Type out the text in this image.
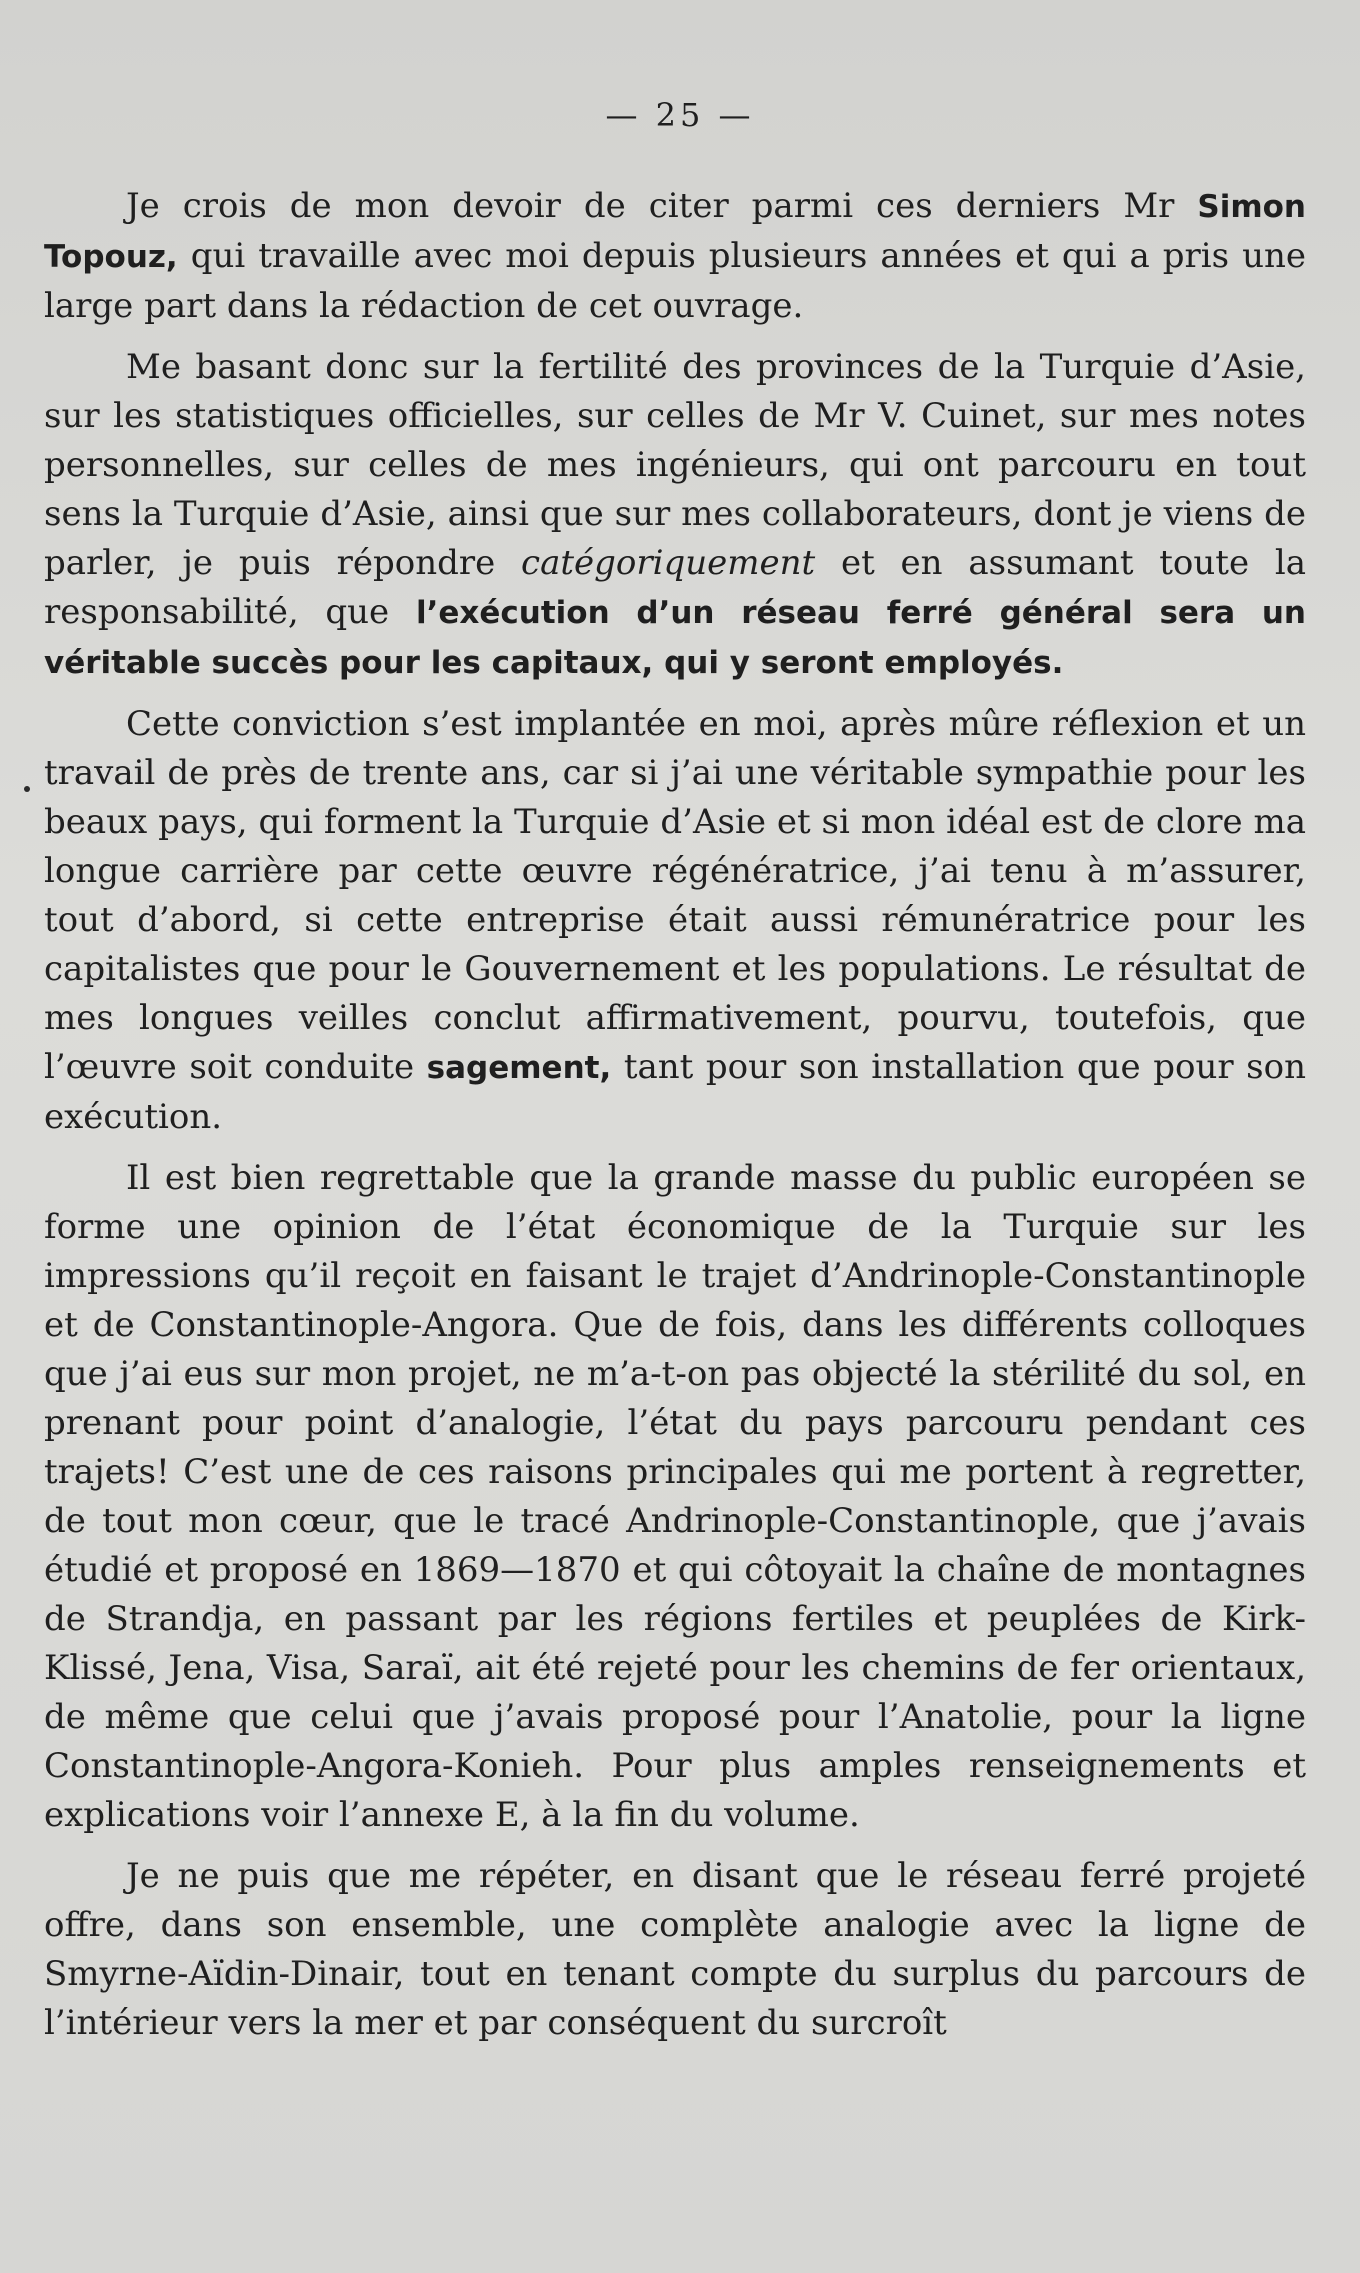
— 25 —

Je crois de mon devoir de citer parmi ces derniers Mr Simon Topouz, qui travaille avec moi depuis plusieurs années et qui a pris une large part dans la rédaction de cet ouvrage.

Me basant donc sur la fertilité des provinces de la Turquie d’Asie, sur les statistiques officielles, sur celles de Mr V. Cuinet, sur mes notes personnelles, sur celles de mes ingénieurs, qui ont parcouru en tout sens la Turquie d’Asie, ainsi que sur mes collaborateurs, dont je viens de parler, je puis répondre catégoriquement et en assumant toute la responsabilité, que l’exécution d’un réseau ferré général sera un véritable succès pour les capitaux, qui y seront employés.

Cette conviction s’est implantée en moi, après mûre réflexion et un travail de près de trente ans, car si j’ai une véritable sympathie pour les beaux pays, qui forment la Turquie d’Asie et si mon idéal est de clore ma longue carrière par cette œuvre régénératrice, j’ai tenu à m’assurer, tout d’abord, si cette entreprise était aussi rémunératrice pour les capitalistes que pour le Gouvernement et les populations. Le résultat de mes longues veilles conclut affirmativement, pourvu, toutefois, que l’œuvre soit conduite sagement, tant pour son installation que pour son exécution.

Il est bien regrettable que la grande masse du public européen se forme une opinion de l’état économique de la Turquie sur les impressions qu’il reçoit en faisant le trajet d’Andrinople-Constantinople et de Constantinople-Angora. Que de fois, dans les différents colloques que j’ai eus sur mon projet, ne m’a-t-on pas objecté la stérilité du sol, en prenant pour point d’analogie, l’état du pays parcouru pendant ces trajets! C’est une de ces raisons principales qui me portent à regretter, de tout mon cœur, que le tracé Andrinople-Constantinople, que j’avais étudié et proposé en 1869—1870 et qui côtoyait la chaîne de montagnes de Strandja, en passant par les régions fertiles et peuplées de Kirk-Klissé, Jena, Visa, Saraï, ait été rejeté pour les chemins de fer orientaux, de même que celui que j’avais proposé pour l’Anatolie, pour la ligne Constantinople-Angora-Konieh. Pour plus amples renseignements et explications voir l’annexe E, à la fin du volume.

Je ne puis que me répéter, en disant que le réseau ferré projeté offre, dans son ensemble, une complète analogie avec la ligne de Smyrne-Aïdin-Dinair, tout en tenant compte du surplus du parcours de l’intérieur vers la mer et par conséquent du surcroît
